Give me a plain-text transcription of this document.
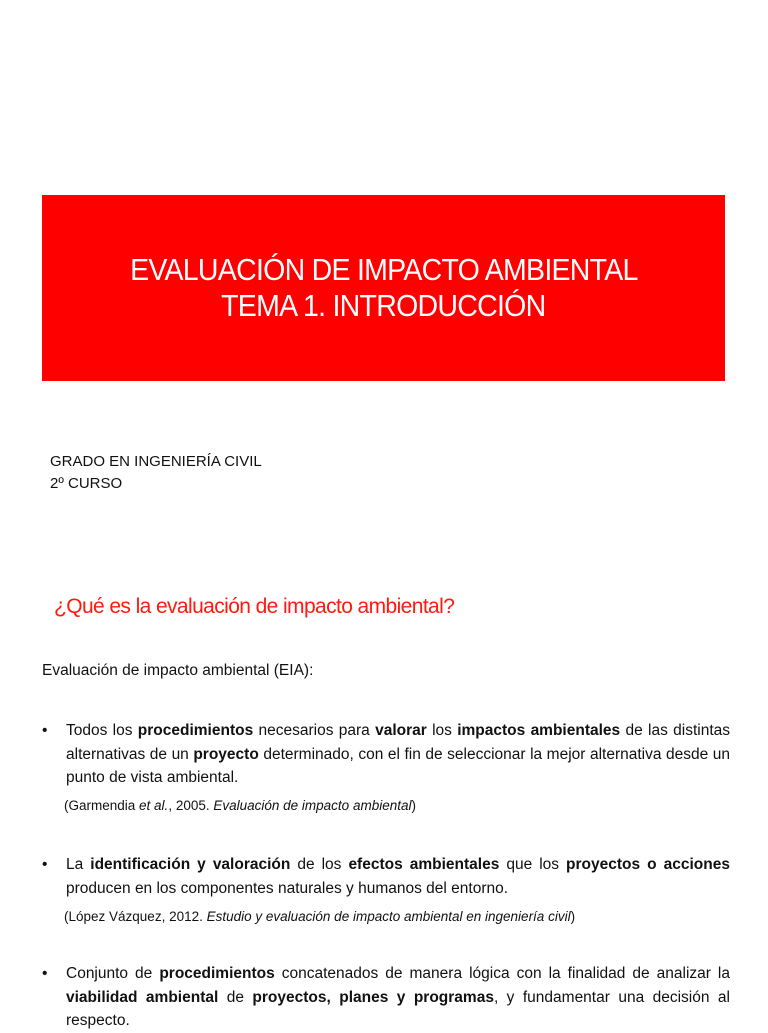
EVALUACIÓN DE IMPACTO AMBIENTAL
TEMA 1. INTRODUCCIÓN
GRADO EN INGENIERÍA CIVIL
2º CURSO
¿Qué es la evaluación de impacto ambiental?
Evaluación de impacto ambiental (EIA):
• Todos los procedimientos necesarios para valorar los impactos ambientales de las distintas alternativas de un proyecto determinado, con el fin de seleccionar la mejor alternativa desde un punto de vista ambiental.
(Garmendia et al., 2005. Evaluación de impacto ambiental)
• La identificación y valoración de los efectos ambientales que los proyectos o acciones producen en los componentes naturales y humanos del entorno.
(López Vázquez, 2012. Estudio y evaluación de impacto ambiental en ingeniería civil)
• Conjunto de procedimientos concatenados de manera lógica con la finalidad de analizar la viabilidad ambiental de proyectos, planes y programas, y fundamentar una decisión al respecto.
